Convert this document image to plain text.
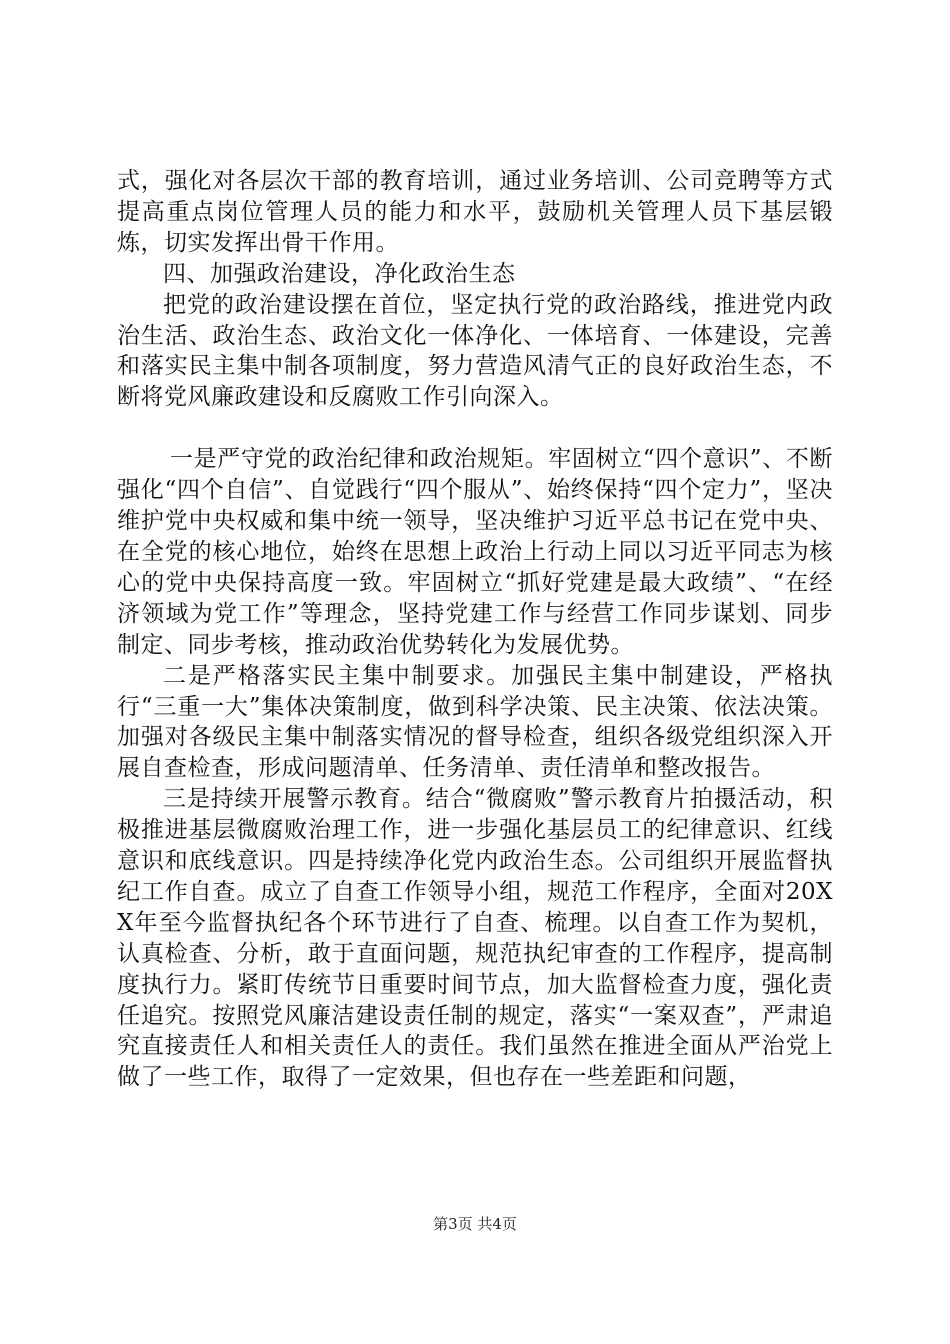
式，强化对各层次干部的教育培训，通过业务培训、公司竞聘等方式提高重点岗位管理人员的能力和水平，鼓励机关管理人员下基层锻炼，切实发挥出骨干作用。

四、加强政治建设，净化政治生态

把党的政治建设摆在首位，坚定执行党的政治路线，推进党内政治生活、政治生态、政治文化一体净化、一体培育、一体建设，完善和落实民主集中制各项制度，努力营造风清气正的良好政治生态，不断将党风廉政建设和反腐败工作引向深入。

一是严守党的政治纪律和政治规矩。牢固树立“四个意识”、不断强化“四个自信”、自觉践行“四个服从”、始终保持“四个定力”，坚决维护党中央权威和集中统一领导，坚决维护习近平总书记在党中央、在全党的核心地位，始终在思想上政治上行动上同以习近平同志为核心的党中央保持高度一致。牢固树立“抓好党建是最大政绩”、“在经济领域为党工作”等理念，坚持党建工作与经营工作同步谋划、同步制定、同步考核，推动政治优势转化为发展优势。

二是严格落实民主集中制要求。加强民主集中制建设，严格执行“三重一大”集体决策制度，做到科学决策、民主决策、依法决策。加强对各级民主集中制落实情况的督导检查，组织各级党组织深入开展自查检查，形成问题清单、任务清单、责任清单和整改报告。

三是持续开展警示教育。结合“微腐败”警示教育片拍摄活动，积极推进基层微腐败治理工作，进一步强化基层员工的纪律意识、红线意识和底线意识。四是持续净化党内政治生态。公司组织开展监督执纪工作自查。成立了自查工作领导小组，规范工作程序，全面对20XX年至今监督执纪各个环节进行了自查、梳理。以自查工作为契机，认真检查、分析，敢于直面问题，规范执纪审查的工作程序，提高制度执行力。紧盯传统节日重要时间节点，加大监督检查力度，强化责任追究。按照党风廉洁建设责任制的规定，落实“一案双查”，严肃追究直接责任人和相关责任人的责任。我们虽然在推进全面从严治党上做了一些工作，取得了一定效果，但也存在一些差距和问题，

第3页 共4页
